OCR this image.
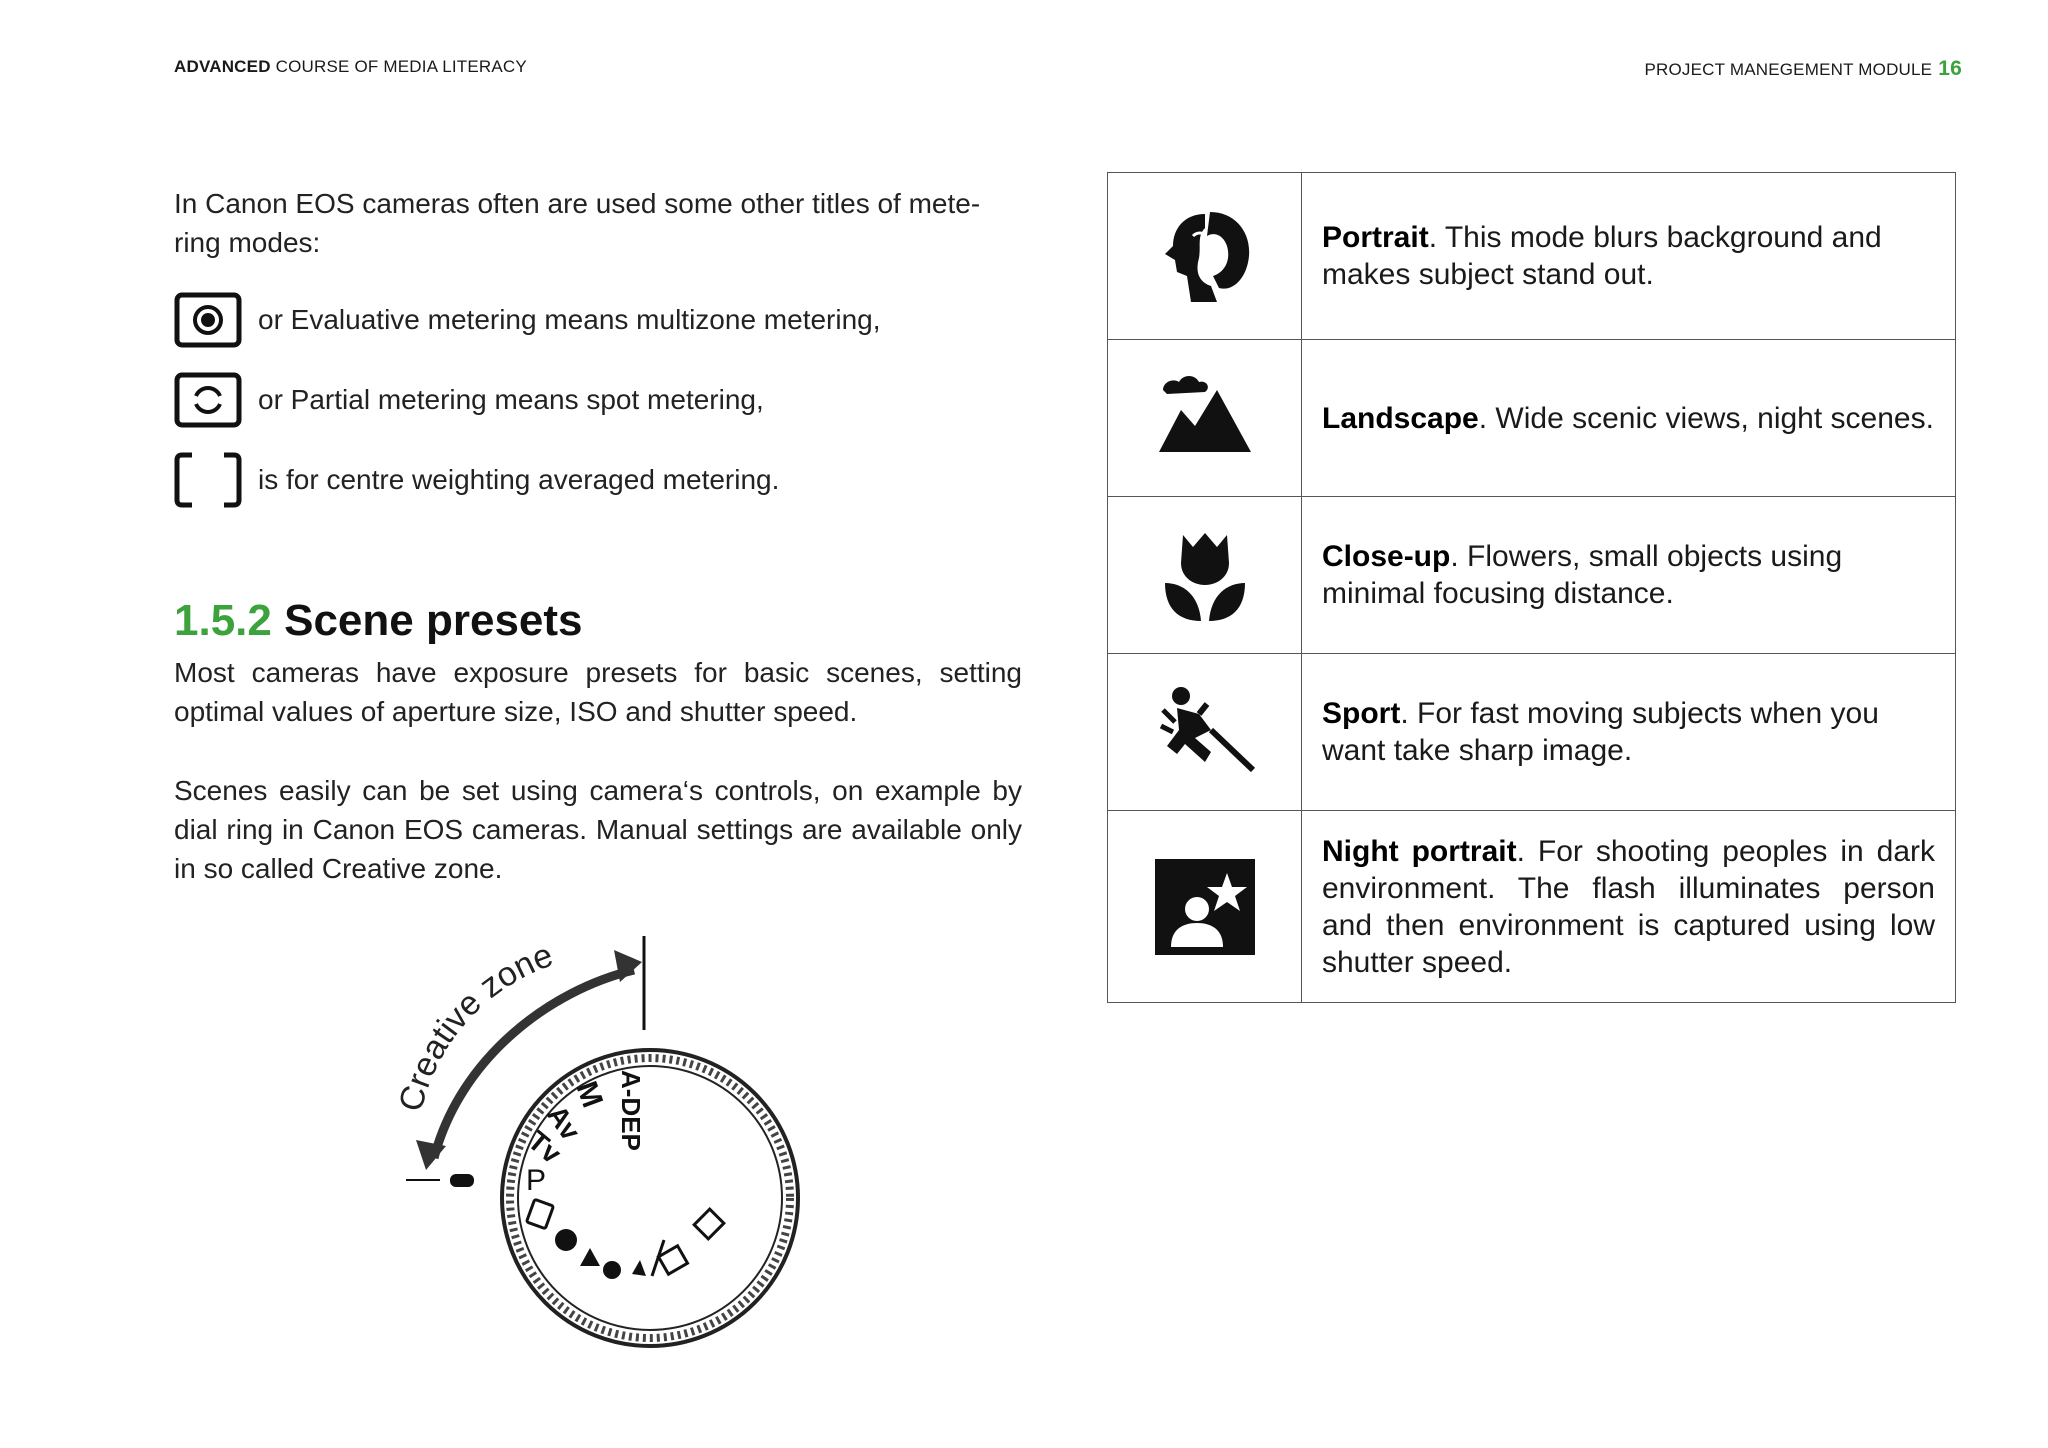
ADVANCED COURSE OF MEDIA LITERACY	PROJECT MANEGEMENT MODULE 16
In Canon EOS cameras often are used some other titles of mete- ring modes:
or Evaluative metering means multizone metering,
or Partial metering means spot metering,
is for centre weighting averaged metering.
1.5.2 Scene presets
Most cameras have exposure presets for basic scenes, setting optimal values of aperture size, ISO and shutter speed.
Scenes easily can be set using camera‘s controls, on example by dial ring in Canon EOS cameras. Manual settings are available only in so called Creative zone.
Creative zone
A-DEP
M
Av
Tv
P
	Portrait. This mode blurs background and makes subject stand out.
	Landscape. Wide scenic views, night scenes.
	Close-up. Flowers, small objects using minimal focusing distance.
	Sport. For fast moving subjects when you want take sharp image.
	Night portrait. For shooting peoples in dark environment. The flash illuminates person and then environment is captured using low shutter speed.
